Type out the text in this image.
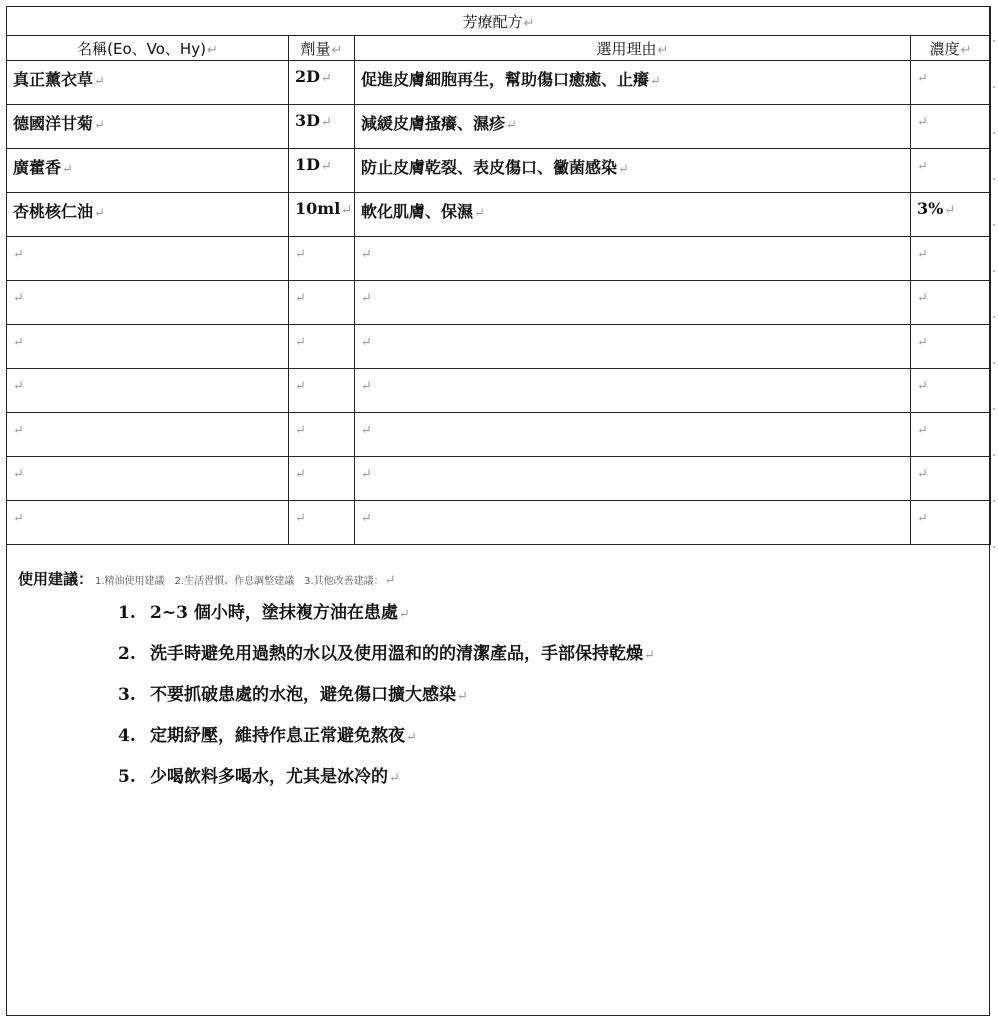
芳療配方↵			
名稱(Eo、Vo、Hy)↵	劑量↵	選用理由↵	濃度↵
真正薰衣草↵	2D↵	促進皮膚細胞再生，幫助傷口癒癒、止癢↵	↵
德國洋甘菊↵	3D↵	減緩皮膚搔癢、濕疹↵	↵
廣藿香↵	1D↵	防止皮膚乾裂、表皮傷口、黴菌感染↵	↵
杏桃核仁油↵	10ml↵	軟化肌膚、保濕↵	3%↵
↵	↵	↵	↵
↵	↵	↵	↵
↵	↵	↵	↵
↵	↵	↵	↵
↵	↵	↵	↵
↵	↵	↵	↵
↵	↵	↵	↵
使用建議： 1.精油使用建議　2.生活習慣、作息調整建議　3.其他改善建議：↵
1. 2~3 個小時，塗抹複方油在患處↵
2. 洗手時避免用過熱的水以及使用溫和的的清潔產品，手部保持乾燥↵
3. 不要抓破患處的水泡，避免傷口擴大感染↵
4. 定期紓壓，維持作息正常避免熬夜↵
5. 少喝飲料多喝水，尤其是冰冷的↵
